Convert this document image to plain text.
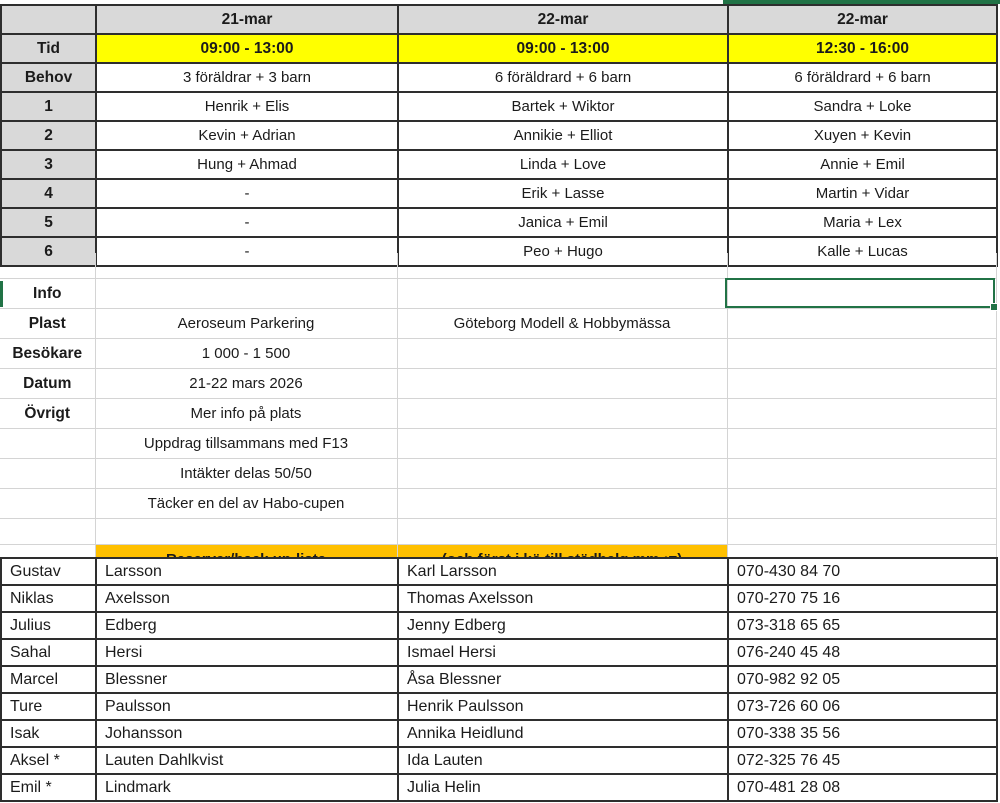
	21-mar	22-mar	22-mar
Tid	09:00 - 13:00	09:00 - 13:00	12:30 - 16:00
Behov	3 föräldrar + 3 barn	6 föräldrard + 6 barn	6 föräldrard + 6 barn
1	Henrik + Elis	Bartek + Wiktor	Sandra + Loke
2	Kevin + Adrian	Annikie + Elliot	Xuyen + Kevin
3	Hung + Ahmad	Linda + Love	Annie + Emil
4	-	Erik + Lasse	Martin + Vidar
5	-	Janica + Emil	Maria + Lex
6	-	Peo + Hugo	Kalle + Lucas

Info			
Plast	Aeroseum Parkering	Göteborg Modell & Hobbymässa	
Besökare	1 000 - 1 500		
Datum	21-22 mars 2026		
Övrigt	Mer info på plats		
	Uppdrag tillsammans med F13		
	Intäkter delas 50/50		
	Täcker en del av Habo-cupen		

Gustav	Larsson	Karl Larsson	070-430 84 70
Niklas	Axelsson	Thomas Axelsson	070-270 75 16
Julius	Edberg	Jenny Edberg	073-318 65 65
Sahal	Hersi	Ismael Hersi	076-240 45 48
Marcel	Blessner	Åsa Blessner	070-982 92 05
Ture	Paulsson	Henrik Paulsson	073-726 60 06
Isak	Johansson	Annika Heidlund	070-338 35 56
Aksel *	Lauten Dahlkvist	Ida Lauten	072-325 76 45
Emil *	Lindmark	Julia Helin	070-481 28 08
